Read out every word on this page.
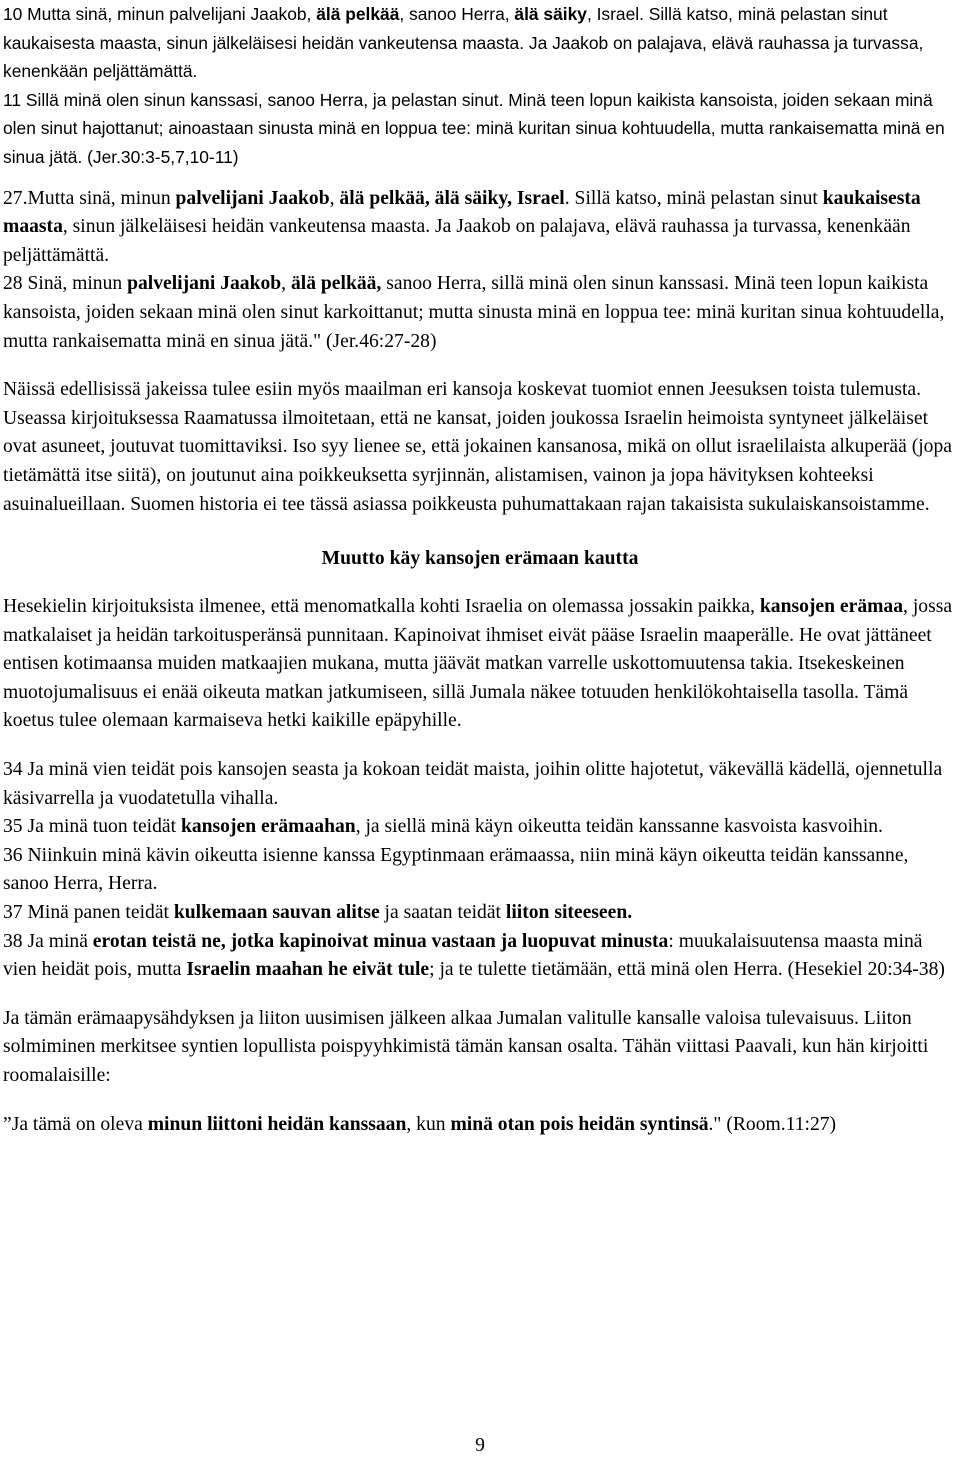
10 Mutta sinä, minun palvelijani Jaakob, älä pelkää, sanoo Herra, älä säiky, Israel. Sillä katso, minä pelastan sinut kaukaisesta maasta, sinun jälkeläisesi heidän vankeutensa maasta. Ja Jaakob on palajava, elävä rauhassa ja turvassa, kenenkään peljättämättä.

11 Sillä minä olen sinun kanssasi, sanoo Herra, ja pelastan sinut. Minä teen lopun kaikista kansoista, joiden sekaan minä olen sinut hajottanut; ainoastaan sinusta minä en loppua tee: minä kuritan sinua kohtuudella, mutta rankaisematta minä en sinua jätä. (Jer.30:3-5,7,10-11)

27.Mutta sinä, minun palvelijani Jaakob, älä pelkää, älä säiky, Israel. Sillä katso, minä pelastan sinut kaukaisesta maasta, sinun jälkeläisesi heidän vankeutensa maasta. Ja Jaakob on palajava, elävä rauhassa ja turvassa, kenenkään peljättämättä.

28 Sinä, minun palvelijani Jaakob, älä pelkää, sanoo Herra, sillä minä olen sinun kanssasi. Minä teen lopun kaikista kansoista, joiden sekaan minä olen sinut karkoittanut; mutta sinusta minä en loppua tee: minä kuritan sinua kohtuudella, mutta rankaisematta minä en sinua jätä." (Jer.46:27-28)

Näissä edellisissä jakeissa tulee esiin myös maailman eri kansoja koskevat tuomiot ennen Jeesuksen toista tulemusta. Useassa kirjoituksessa Raamatussa ilmoitetaan, että ne kansat, joiden joukossa Israelin heimoista syntyneet jälkeläiset ovat asuneet, joutuvat tuomittaviksi. Iso syy lienee se, että jokainen kansanosa, mikä on ollut israelilaista alkuperää (jopa tietämättä itse siitä), on joutunut aina poikkeuksetta syrjinnän, alistamisen, vainon ja jopa hävityksen kohteeksi asuinalueillaan. Suomen historia ei tee tässä asiassa poikkeusta puhumattakaan rajan takaisista sukulaiskansoistamme.

Muutto käy kansojen erämaan kautta

Hesekielin kirjoituksista ilmenee, että menomatkalla kohti Israelia on olemassa jossakin paikka, kansojen erämaa, jossa matkalaiset ja heidän tarkoitusperänsä punnitaan. Kapinoivat ihmiset eivät pääse Israelin maaperälle. He ovat jättäneet entisen kotimaansa muiden matkaajien mukana, mutta jäävät matkan varrelle uskottomuutensa takia. Itsekeskeinen muotojumalisuus ei enää oikeuta matkan jatkumiseen, sillä Jumala näkee totuuden henkilökohtaisella tasolla. Tämä koetus tulee olemaan karmaiseva hetki kaikille epäpyhille.

34 Ja minä vien teidät pois kansojen seasta ja kokoan teidät maista, joihin olitte hajotetut, väkevällä kädellä, ojennetulla käsivarrella ja vuodatetulla vihalla.

35 Ja minä tuon teidät kansojen erämaahan, ja siellä minä käyn oikeutta teidän kanssanne kasvoista kasvoihin.

36 Niinkuin minä kävin oikeutta isienne kanssa Egyptinmaan erämaassa, niin minä käyn oikeutta teidän kanssanne, sanoo Herra, Herra.

37 Minä panen teidät kulkemaan sauvan alitse ja saatan teidät liiton siteeseen.

38 Ja minä erotan teistä ne, jotka kapinoivat minua vastaan ja luopuvat minusta: muukalaisuutensa maasta minä vien heidät pois, mutta Israelin maahan he eivät tule; ja te tulette tietämään, että minä olen Herra. (Hesekiel 20:34-38)

Ja tämän erämaapysähdyksen ja liiton uusimisen jälkeen alkaa Jumalan valitulle kansalle valoisa tulevaisuus. Liiton solmiminen merkitsee syntien lopullista poispyyhkimistä tämän kansan osalta. Tähän viittasi Paavali, kun hän kirjoitti roomalaisille:

”Ja tämä on oleva minun liittoni heidän kanssaan, kun minä otan pois heidän syntinsä." (Room.11:27)

9
